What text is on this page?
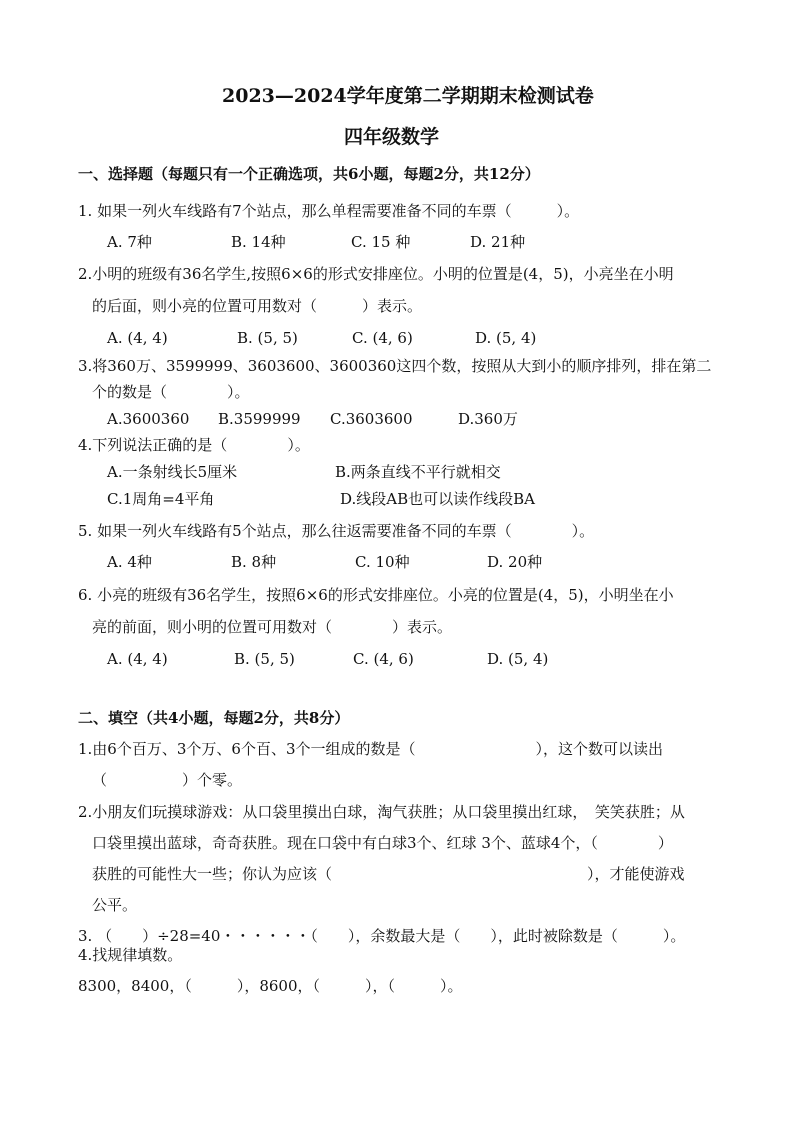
2023—2024学年度第二学期期末检测试卷
四年级数学
一、选择题（每题只有一个正确选项，共6小题，每题2分，共12分）
1. 如果一列火车线路有7个站点，那么单程需要准备不同的车票（　　　）。
A. 7种	B. 14种	C. 15 种	D. 21种
2.小明的班级有36名学生,按照6×6的形式安排座位。小明的位置是(4，5)，小亮坐在小明
的后面，则小亮的位置可用数对（　　　）表示。
A. (4, 4)	B. (5, 5)	C. (4, 6)	D. (5, 4)
3.将360万、3599999、3603600、3600360这四个数，按照从大到小的顺序排列，排在第二
个的数是（　　　　）。
A.3600360 B.3599999 C.3603600	D.360万
4.下列说法正确的是（　　　　）。
A.一条射线长5厘米	B.两条直线不平行就相交
C.1周角=4平角	D.线段AB也可以读作线段BA
5. 如果一列火车线路有5个站点，那么往返需要准备不同的车票（　　　　）。
A. 4种	B. 8种	C. 10种	D. 20种
6. 小亮的班级有36名学生，按照6×6的形式安排座位。小亮的位置是(4，5)，小明坐在小
亮的前面，则小明的位置可用数对（　　　　）表示。
A. (4, 4)	B. (5, 5)	C. (4, 6)	D. (5, 4)
二、填空（共4小题，每题2分，共8分）
1.由6个百万、3个万、6个百、3个一组成的数是（　　　　　　　　），这个数可以读出
（　　　　　）个零。
2.小朋友们玩摸球游戏：从口袋里摸出白球，淘气获胜；从口袋里摸出红球，　笑笑获胜；从
口袋里摸出蓝球，奇奇获胜。现在口袋中有白球3个、红球 3个、蓝球4个，（　　　　）
获胜的可能性大一些；你认为应该（　　　　　　　　　　　　　　　　　），才能使游戏
公平。
3. （　　）÷28=40・・・・・・（　　），余数最大是（　　），此时被除数是（　　　）。
4.找规律填数。
8300，8400，（　　　），8600，（　　　），（　　　）。
